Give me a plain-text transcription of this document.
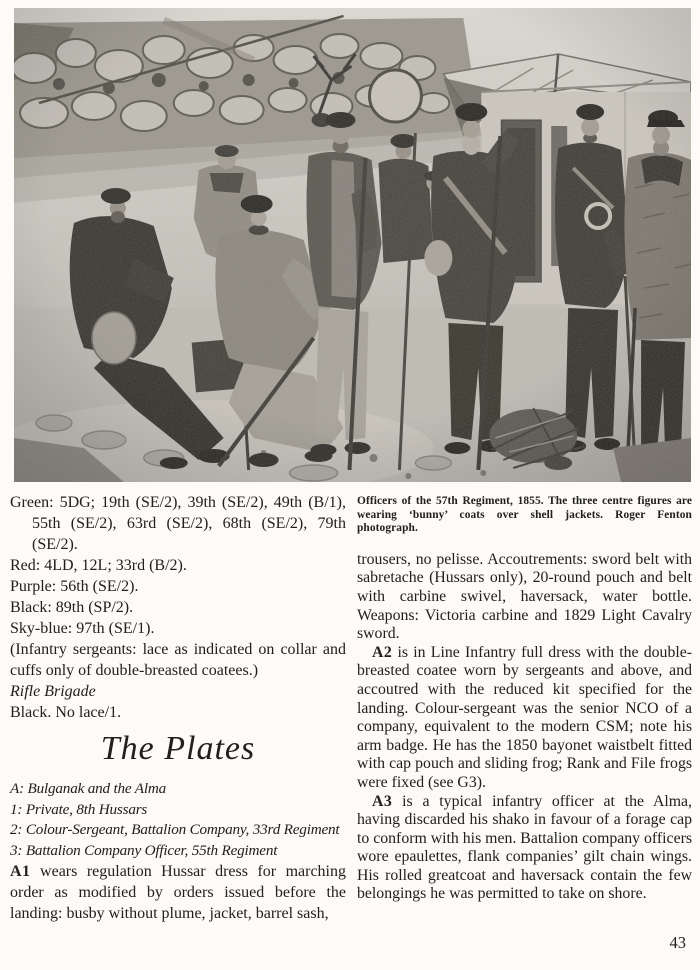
Green: 5DG; 19th (SE/2), 39th (SE/2), 49th (B/1), 55th (SE/2), 63rd (SE/2), 68th (SE/2), 79th (SE/2).

Red: 4LD, 12L; 33rd (B/2).

Purple: 56th (SE/2).

Black: 89th (SP/2).

Sky-blue: 97th (SE/1).

(Infantry sergeants: lace as indicated on collar and cuffs only of double-breasted coatees.)

Rifle Brigade

Black. No lace/1.

The Plates

A: Bulganak and the Alma

1: Private, 8th Hussars

2: Colour-Sergeant, Battalion Company, 33rd Regiment

3: Battalion Company Officer, 55th Regiment

A1 wears regulation Hussar dress for marching order as modified by orders issued before the landing: busby without plume, jacket, barrel sash,

Officers of the 57th Regiment, 1855. The three centre figures are wearing ‘bunny’ coats over shell jackets. Roger Fenton photograph.

trousers, no pelisse. Accoutrements: sword belt with sabretache (Hussars only), 20-round pouch and belt with carbine swivel, haversack, water bottle. Weapons: Victoria carbine and 1829 Light Cavalry sword.

A2 is in Line Infantry full dress with the double-breasted coatee worn by sergeants and above, and accoutred with the reduced kit specified for the landing. Colour-sergeant was the senior NCO of a company, equivalent to the modern CSM; note his arm badge. He has the 1850 bayonet waistbelt fitted with cap pouch and sliding frog; Rank and File frogs were fixed (see G3).

A3 is a typical infantry officer at the Alma, having discarded his shako in favour of a forage cap to conform with his men. Battalion company officers wore epaulettes, flank companies’ gilt chain wings. His rolled greatcoat and haversack contain the few belongings he was permitted to take on shore.

43
